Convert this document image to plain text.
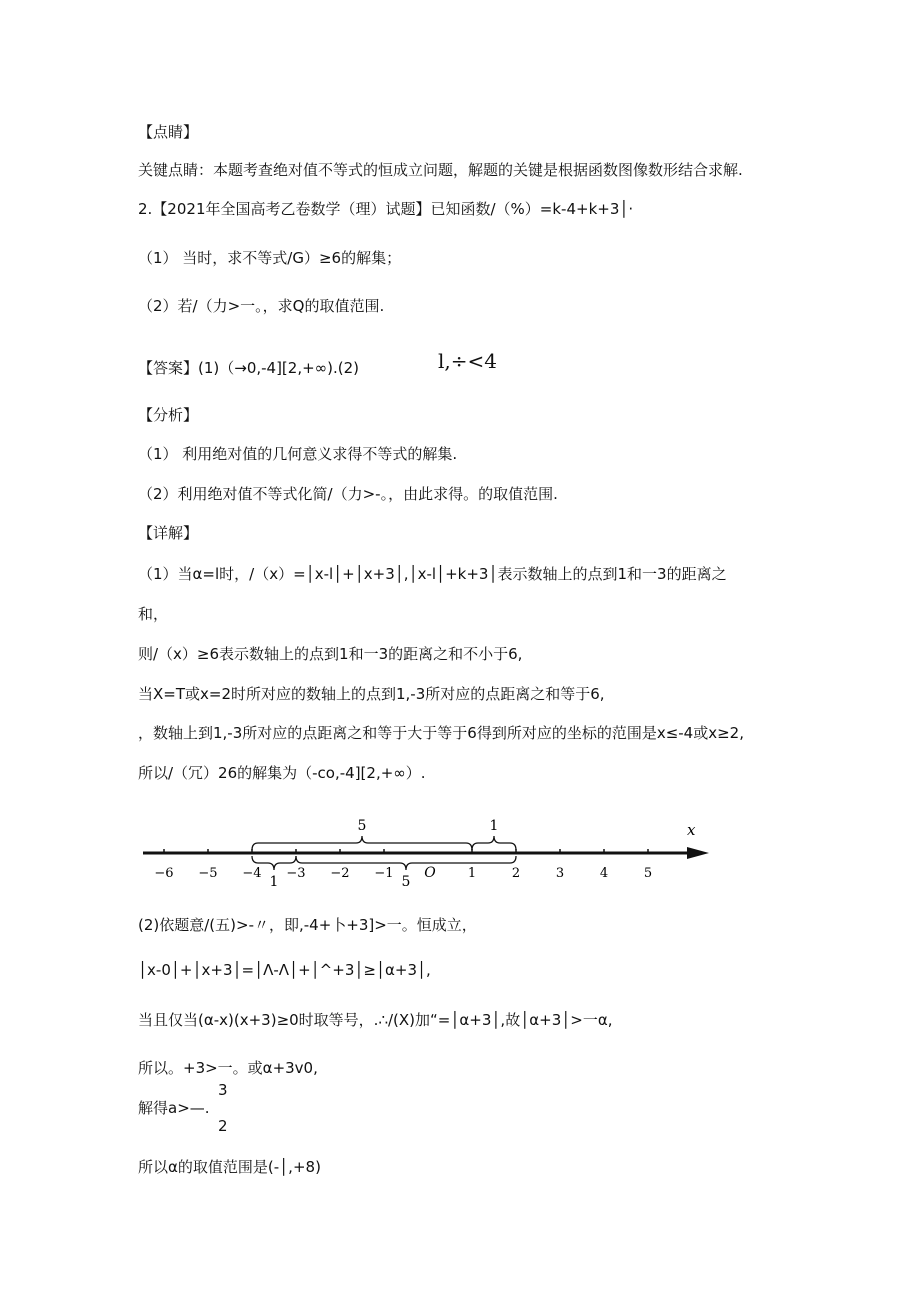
【点睛】
关键点睛：本题考查绝对值不等式的恒成立问题，解题的关键是根据函数图像数形结合求解.
2.【2021年全国高考乙卷数学（理）试题】已知函数/（%）=k-4+k+3│·
（1） 当时，求不等式/G）≥6的解集；
（2）若/（力>一。，求Q的取值范围.
【答案】(1)（→0,-4][2,+∞).(2)	l,÷<4
【分析】
（1） 利用绝对值的几何意义求得不等式的解集.
（2）利用绝对值不等式化简/（力>-。，由此求得。的取值范围.
【详解】
（1）当α=l时，/（x）=│x-l│+│x+3│,│x-l│+k+3│表示数轴上的点到1和一3的距离之
和，
则/（x）≥6表示数轴上的点到1和一3的距离之和不小于6,
当X=T或x=2时所对应的数轴上的点到1,-3所对应的点距离之和等于6,
，数轴上到1,-3所对应的点距离之和等于大于等于6得到所对应的坐标的范围是x≤-4或x≥2,
所以/（冗）26的解集为（-co,-4][2,+∞）.
x
−6 −5 −4 −3 −2 −1	1	2	3	4	5
O
5	1
1	5
(2)依题意/(五)>-〃，即,-4+卜+3]>一。恒成立，
│x-0│+│x+3│=│Λ-Λ│+│^+3│≥│α+3│,
当且仅当(α-x)(x+3)≥0时取等号，.∴/(X)加“=│α+3│,故│α+3│>一α,
所以。+3>一。或α+3v0,
3
解得a>—.
2
所以α的取值范围是(-│,+8)
